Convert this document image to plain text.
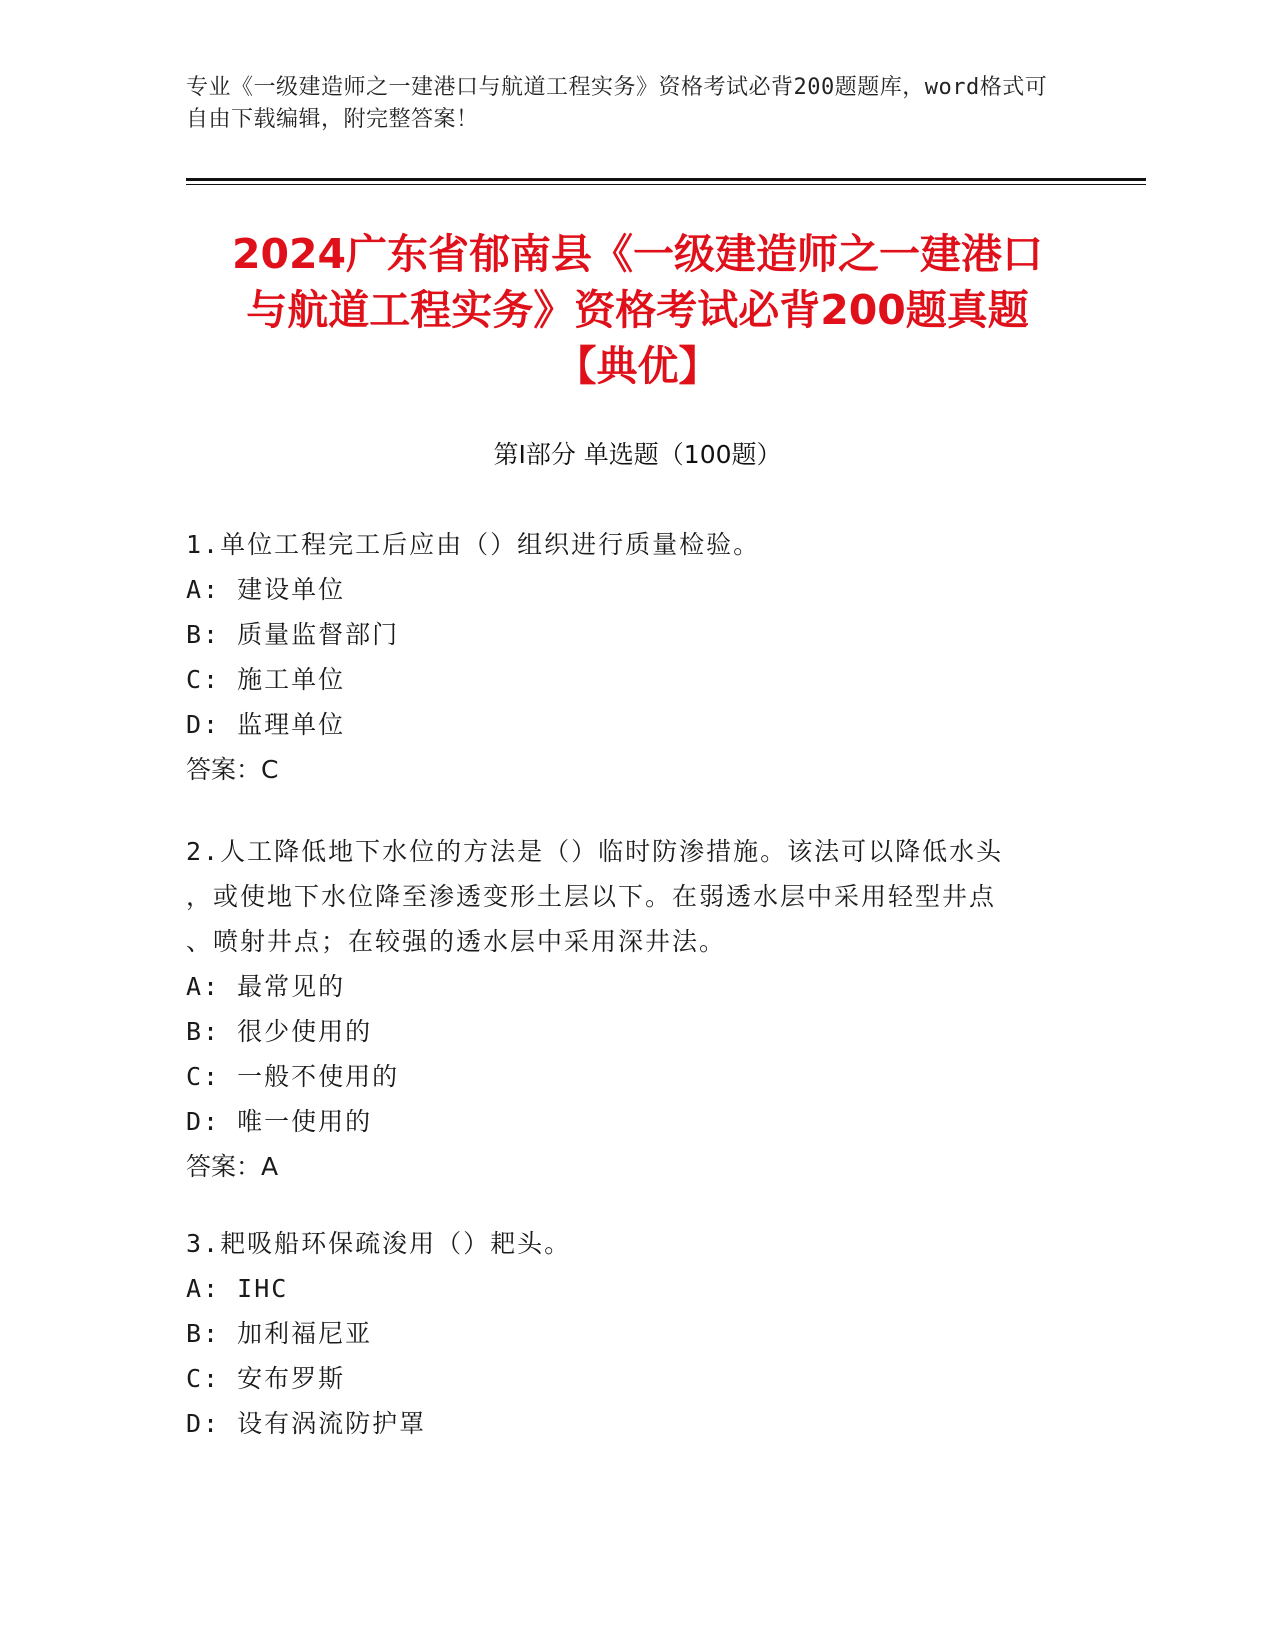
专业《一级建造师之一建港口与航道工程实务》资格考试必背200题题库，word格式可自由下载编辑，附完整答案！
2024广东省郁南县《一级建造师之一建港口
与航道工程实务》资格考试必背200题真题
【典优】
第I部分 单选题（100题）
1.单位工程完工后应由（）组织进行质量检验。
A: 建设单位
B: 质量监督部门
C: 施工单位
D: 监理单位
答案：C
2.人工降低地下水位的方法是（）临时防渗措施。该法可以降低水头
，或使地下水位降至渗透变形土层以下。在弱透水层中采用轻型井点
、喷射井点；在较强的透水层中采用深井法。
A: 最常见的
B: 很少使用的
C: 一般不使用的
D: 唯一使用的
答案：A
3.耙吸船环保疏浚用（）耙头。
A: IHC
B: 加利福尼亚
C: 安布罗斯
D: 设有涡流防护罩
